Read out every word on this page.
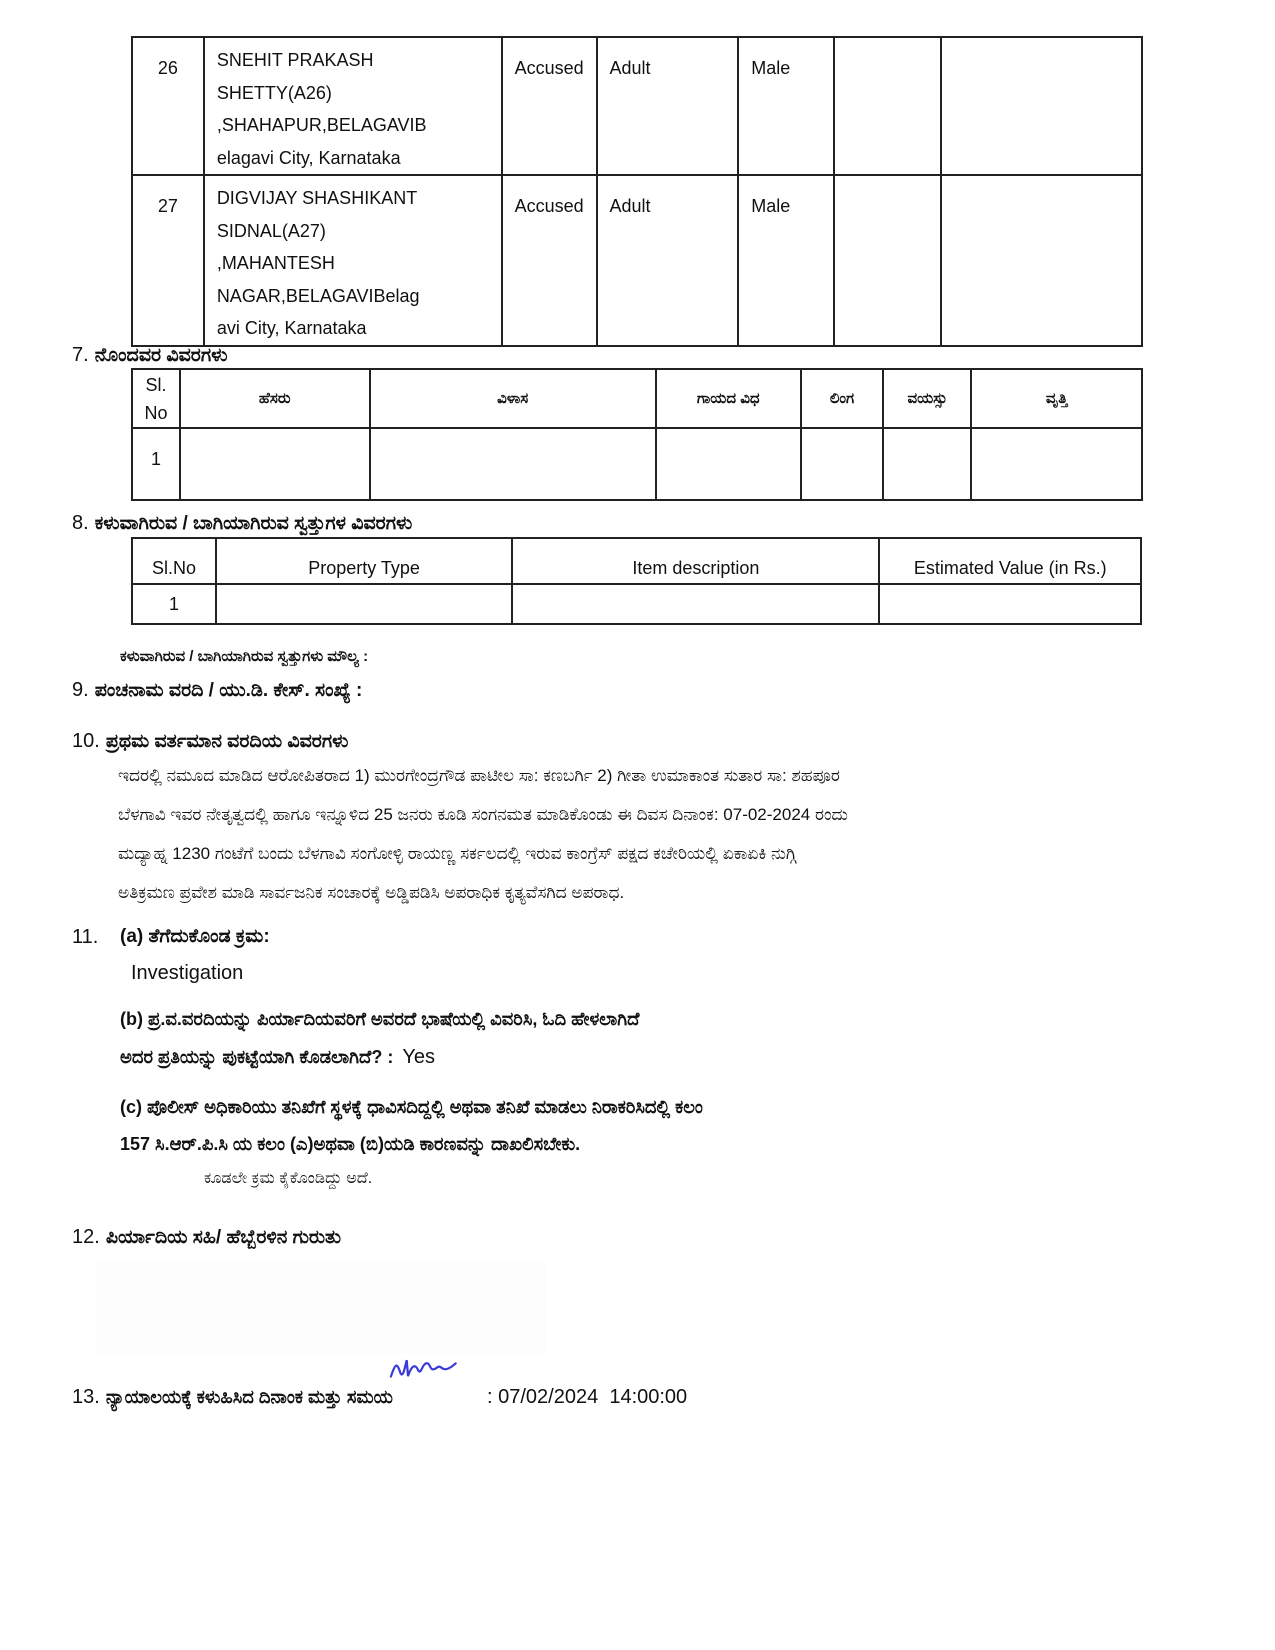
26	SNEHIT PRAKASH
SHETTY(A26)
,SHAHAPUR,BELAGAVIB
elagavi City, Karnataka	Accused	Adult	Male		
27	DIGVIJAY SHASHIKANT
SIDNAL(A27)
,MAHANTESH
NAGAR,BELAGAVIBelag
avi City, Karnataka	Accused	Adult	Male		
7. ನೊಂದವರ ವಿವರಗಳು
Sl. No	ಹೆಸರು	ವಿಳಾಸ	ಗಾಯದ ವಿಧ	ಲಿಂಗ	ವಯಸ್ಸು	ವೃತ್ತಿ
1						
8. ಕಳುವಾಗಿರುವ / ಬಾಗಿಯಾಗಿರುವ ಸ್ವತ್ತುಗಳ ವಿವರಗಳು
Sl.No	Property Type	Item description	Estimated Value (in Rs.)
1			
ಕಳುವಾಗಿರುವ / ಬಾಗಿಯಾಗಿರುವ ಸ್ವತ್ತುಗಳು ಮೌಲ್ಯ :
9. ಪಂಚನಾಮ ವರದಿ / ಯು.ಡಿ. ಕೇಸ್. ಸಂಖ್ಯೆ :
10. ಪ್ರಥಮ ವರ್ತಮಾನ ವರದಿಯ ವಿವರಗಳು
ಇದರಲ್ಲಿ ನಮೂದ ಮಾಡಿದ ಆರೋಪಿತರಾದ 1) ಮುರಗೇಂದ್ರಗೌಡ ಪಾಟೀಲ ಸಾ: ಕಣಬರ್ಗಿ 2) ಗೀತಾ ಉಮಾಕಾಂತ ಸುತಾರ ಸಾ: ಶಹಪೂರ
ಬೆಳಗಾವಿ ಇವರ ನೇತೃತ್ವದಲ್ಲಿ ಹಾಗೂ ಇನ್ನೂಳಿದ 25 ಜನರು ಕೂಡಿ ಸಂಗನಮತ ಮಾಡಿಕೊಂಡು ಈ ದಿವಸ ದಿನಾಂಕ: 07-02-2024 ರಂದು
ಮದ್ಯಾಹ್ನ 1230 ಗಂಟೆಗೆ ಬಂದು ಬೆಳಗಾವಿ ಸಂಗೋಳ್ಳಿ ರಾಯಣ್ಣ ಸರ್ಕಲದಲ್ಲಿ ಇರುವ ಕಾಂಗ್ರೆಸ್ ಪಕ್ಷದ ಕಚೇರಿಯಲ್ಲಿ ಏಕಾಏಕಿ ನುಗ್ಗಿ
ಅತಿಕ್ರಮಣ ಪ್ರವೇಶ ಮಾಡಿ ಸಾರ್ವಜನಿಕ ಸಂಚಾರಕ್ಕೆ ಅಡ್ಡಿಪಡಿಸಿ ಅಪರಾಧಿಕ ಕೃತ್ಯವೆಸಗಿದ ಅಪರಾಧ.
11. (a) ತೆಗೆದುಕೊಂಡ ಕ್ರಮ:
Investigation
(b) ಪ್ರ.ವ.ವರದಿಯನ್ನು ಪಿರ್ಯಾದಿಯವರಿಗೆ ಅವರದೆ ಭಾಷೆಯಲ್ಲಿ ವಿವರಿಸಿ, ಓದಿ ಹೇಳಲಾಗಿದೆ
ಅದರ ಪ್ರತಿಯನ್ನು ಪುಕಟ್ಟೆಯಾಗಿ ಕೊಡಲಾಗಿದೆ? : Yes
(c) ಪೊಲೀಸ್ ಅಧಿಕಾರಿಯು ತನಿಖೆಗೆ ಸ್ಥಳಕ್ಕೆ ಧಾವಿಸದಿದ್ದಲ್ಲಿ ಅಥವಾ ತನಿಖೆ ಮಾಡಲು ನಿರಾಕರಿಸಿದಲ್ಲಿ ಕಲಂ
157 ಸಿ.ಆರ್.ಪಿ.ಸಿ ಯ ಕಲಂ (ಎ)ಅಥವಾ (ಬಿ)ಯಡಿ ಕಾರಣವನ್ನು ದಾಖಲಿಸಬೇಕು.
ಕೂಡಲೇ ಕ್ರಮ ಕೈಕೊಂಡಿದ್ದು ಅದೆ.
12. ಪಿರ್ಯಾದಿಯ ಸಹಿ/ ಹೆಬ್ಬೆರಳಿನ ಗುರುತು
13. ನ್ಯಾಯಾಲಯಕ್ಕೆ ಕಳುಹಿಸಿದ ದಿನಾಂಕ ಮತ್ತು ಸಮಯ	: 07/02/2024  14:00:00
